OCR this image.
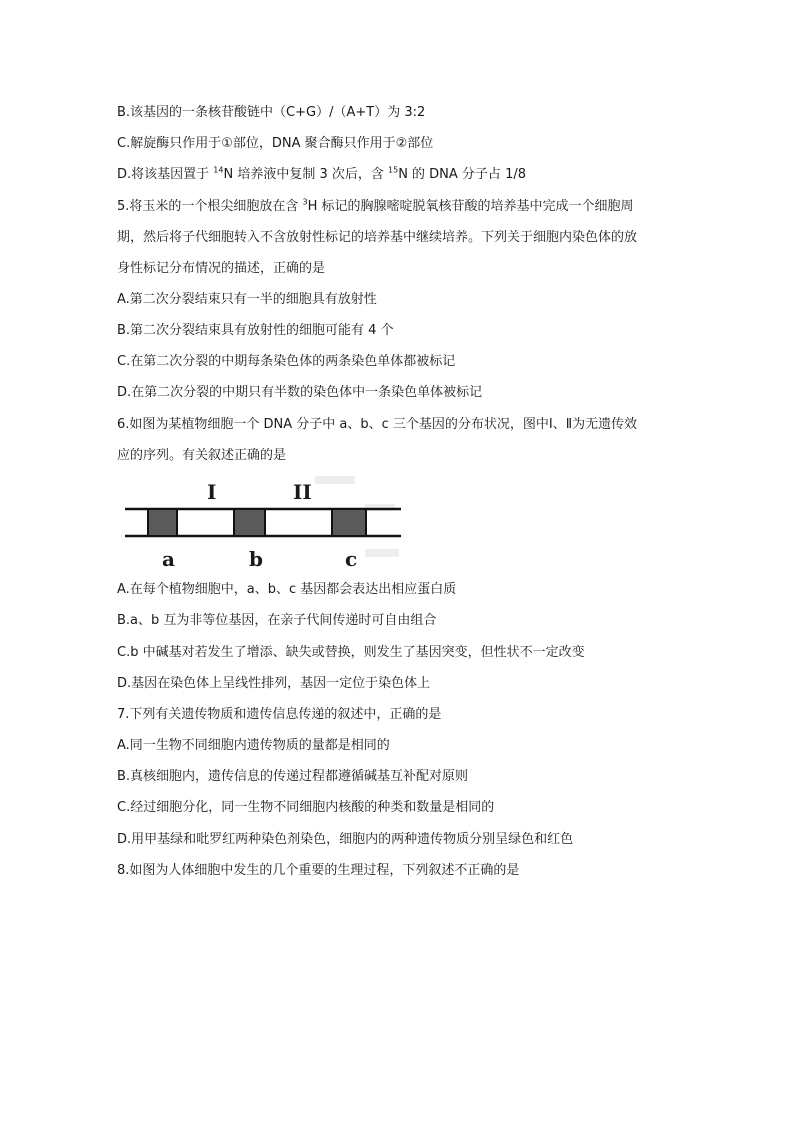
B.该基因的一条核苷酸链中（C+G）/（A+T）为 3:2
C.解旋酶只作用于①部位，DNA 聚合酶只作用于②部位
D.将该基因置于 $^{14}$N 培养液中复制 3 次后，含 $^{15}$N 的 DNA 分子占 1/8
5.将玉米的一个根尖细胞放在含 $^3$H 标记的胸腺嘧啶脱氧核苷酸的培养基中完成一个细胞周
期，然后将子代细胞转入不含放射性标记的培养基中继续培养。下列关于细胞内染色体的放
身性标记分布情况的描述，正确的是
A.第二次分裂结束只有一半的细胞具有放射性
B.第二次分裂结束具有放射性的细胞可能有 4 个
C.在第二次分裂的中期每条染色体的两条染色单体都被标记
D.在第二次分裂的中期只有半数的染色体中一条染色单体被标记
6.如图为某植物细胞一个 DNA 分子中 a、b、c 三个基因的分布状况，图中Ⅰ、Ⅱ为无遗传效
应的序列。有关叙述正确的是
I	II
a	b	c
A.在每个植物细胞中，a、b、c 基因都会表达出相应蛋白质
B.a、b 互为非等位基因，在亲子代间传递时可自由组合
C.b 中碱基对若发生了增添、缺失或替换，则发生了基因突变，但性状不一定改变
D.基因在染色体上呈线性排列，基因一定位于染色体上
7.下列有关遗传物质和遗传信息传递的叙述中，正确的是
A.同一生物不同细胞内遗传物质的量都是相同的
B.真核细胞内，遗传信息的传递过程都遵循碱基互补配对原则
C.经过细胞分化，同一生物不同细胞内核酸的种类和数量是相同的
D.用甲基绿和吡罗红两种染色剂染色，细胞内的两种遗传物质分别呈绿色和红色
8.如图为人体细胞中发生的几个重要的生理过程，下列叙述不正确的是
